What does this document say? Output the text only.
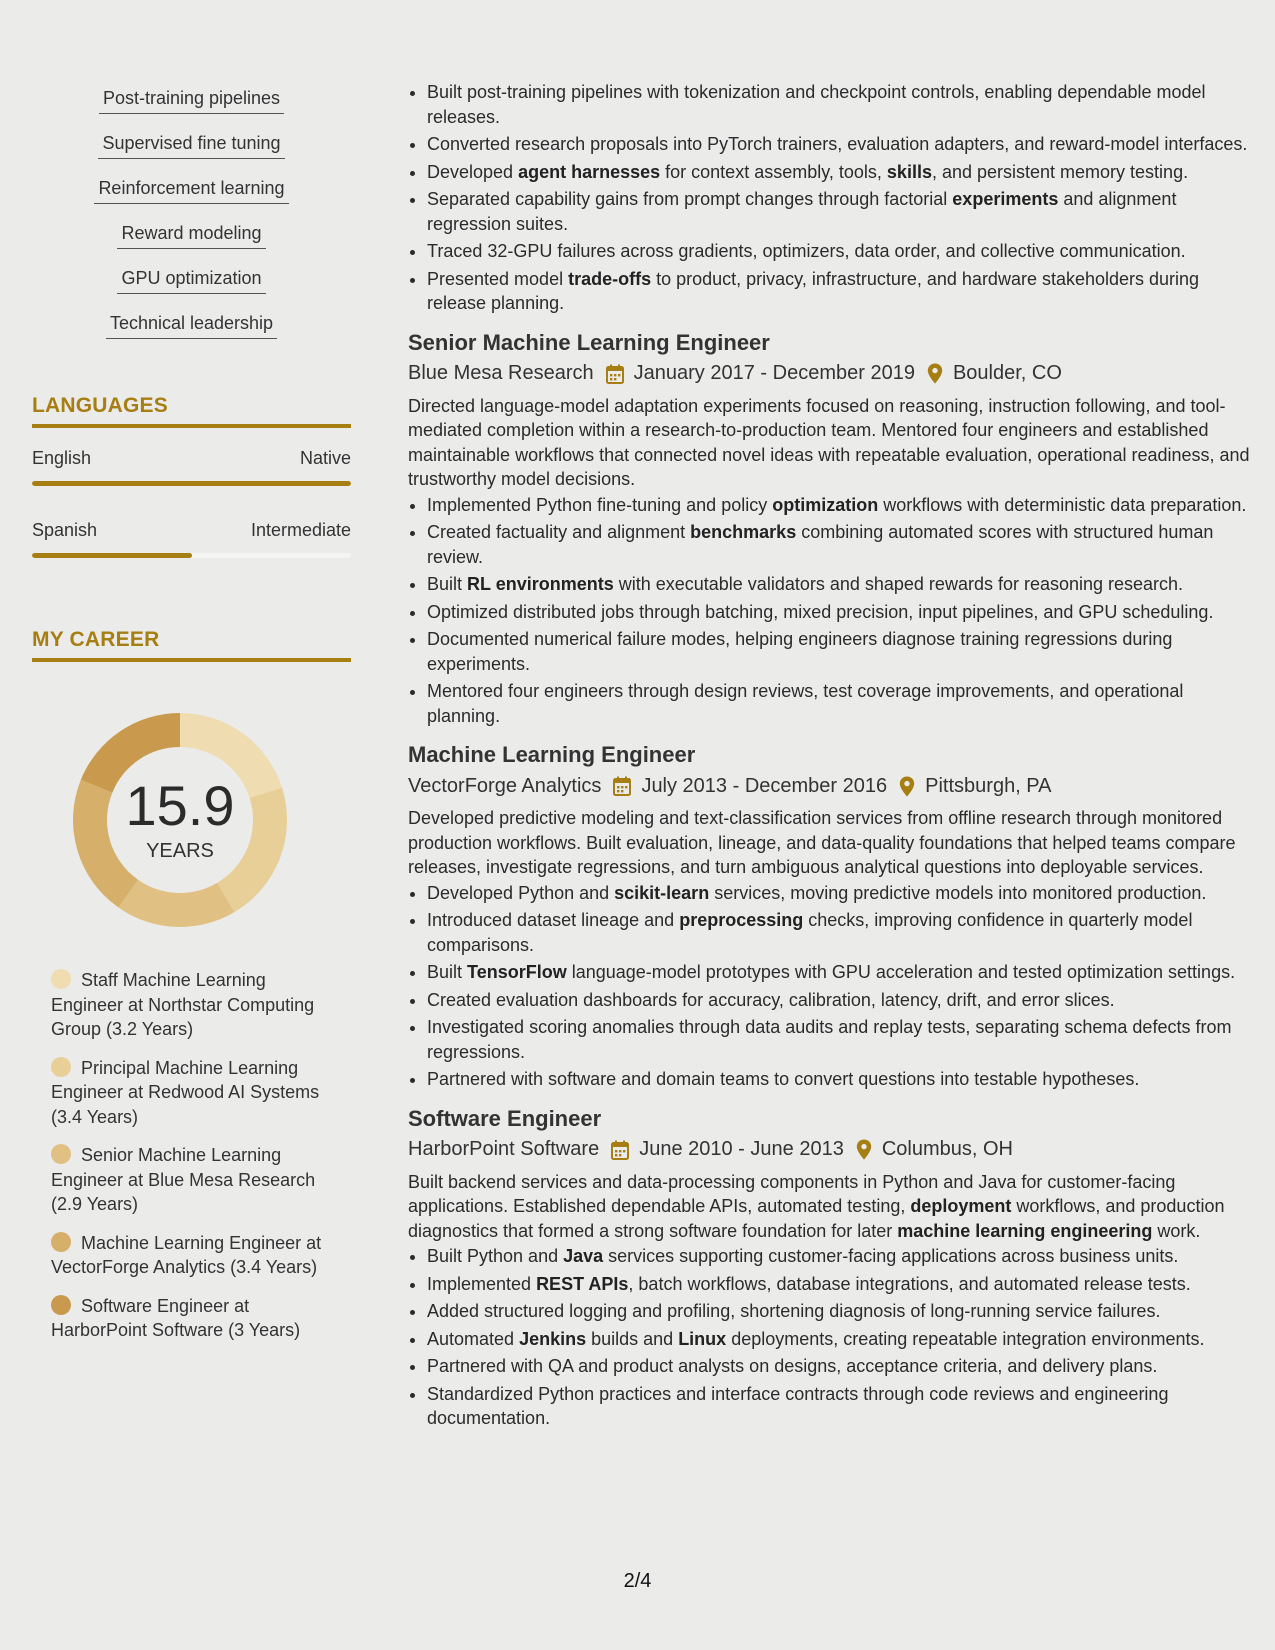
Post-training pipelines
Supervised fine tuning
Reinforcement learning
Reward modeling
GPU optimization
Technical leadership
LANGUAGES
English	Native
Spanish	Intermediate
MY CAREER
15.9
YEARS
Staff Machine Learning Engineer at Northstar Computing Group (3.2 Years)
Principal Machine Learning Engineer at Redwood AI Systems (3.4 Years)
Senior Machine Learning Engineer at Blue Mesa Research (2.9 Years)
Machine Learning Engineer at VectorForge Analytics (3.4 Years)
Software Engineer at HarborPoint Software (3 Years)
• Built post-training pipelines with tokenization and checkpoint controls, enabling dependable model releases.
• Converted research proposals into PyTorch trainers, evaluation adapters, and reward-model interfaces.
• Developed agent harnesses for context assembly, tools, skills, and persistent memory testing.
• Separated capability gains from prompt changes through factorial experiments and alignment regression suites.
• Traced 32-GPU failures across gradients, optimizers, data order, and collective communication.
• Presented model trade-offs to product, privacy, infrastructure, and hardware stakeholders during release planning.
Senior Machine Learning Engineer
Blue Mesa Research January 2017 - December 2019 Boulder, CO

Directed language-model adaptation experiments focused on reasoning, instruction following, and tool-mediated completion within a research-to-production team. Mentored four engineers and established maintainable workflows that connected novel ideas with repeatable evaluation, operational readiness, and trustworthy model decisions.

• Implemented Python fine-tuning and policy optimization workflows with deterministic data preparation.
• Created factuality and alignment benchmarks combining automated scores with structured human review.
• Built RL environments with executable validators and shaped rewards for reasoning research.
• Optimized distributed jobs through batching, mixed precision, input pipelines, and GPU scheduling.
• Documented numerical failure modes, helping engineers diagnose training regressions during experiments.
• Mentored four engineers through design reviews, test coverage improvements, and operational planning.
Machine Learning Engineer
VectorForge Analytics July 2013 - December 2016 Pittsburgh, PA

Developed predictive modeling and text-classification services from offline research through monitored production workflows. Built evaluation, lineage, and data-quality foundations that helped teams compare releases, investigate regressions, and turn ambiguous analytical questions into deployable services.

• Developed Python and scikit-learn services, moving predictive models into monitored production.
• Introduced dataset lineage and preprocessing checks, improving confidence in quarterly model comparisons.
• Built TensorFlow language-model prototypes with GPU acceleration and tested optimization settings.
• Created evaluation dashboards for accuracy, calibration, latency, drift, and error slices.
• Investigated scoring anomalies through data audits and replay tests, separating schema defects from regressions.
• Partnered with software and domain teams to convert questions into testable hypotheses.
Software Engineer
HarborPoint Software June 2010 - June 2013 Columbus, OH

Built backend services and data-processing components in Python and Java for customer-facing applications. Established dependable APIs, automated testing, deployment workflows, and production diagnostics that formed a strong software foundation for later machine learning engineering work.

• Built Python and Java services supporting customer-facing applications across business units.
• Implemented REST APIs, batch workflows, database integrations, and automated release tests.
• Added structured logging and profiling, shortening diagnosis of long-running service failures.
• Automated Jenkins builds and Linux deployments, creating repeatable integration environments.
• Partnered with QA and product analysts on designs, acceptance criteria, and delivery plans.
• Standardized Python practices and interface contracts through code reviews and engineering documentation.
2/4
